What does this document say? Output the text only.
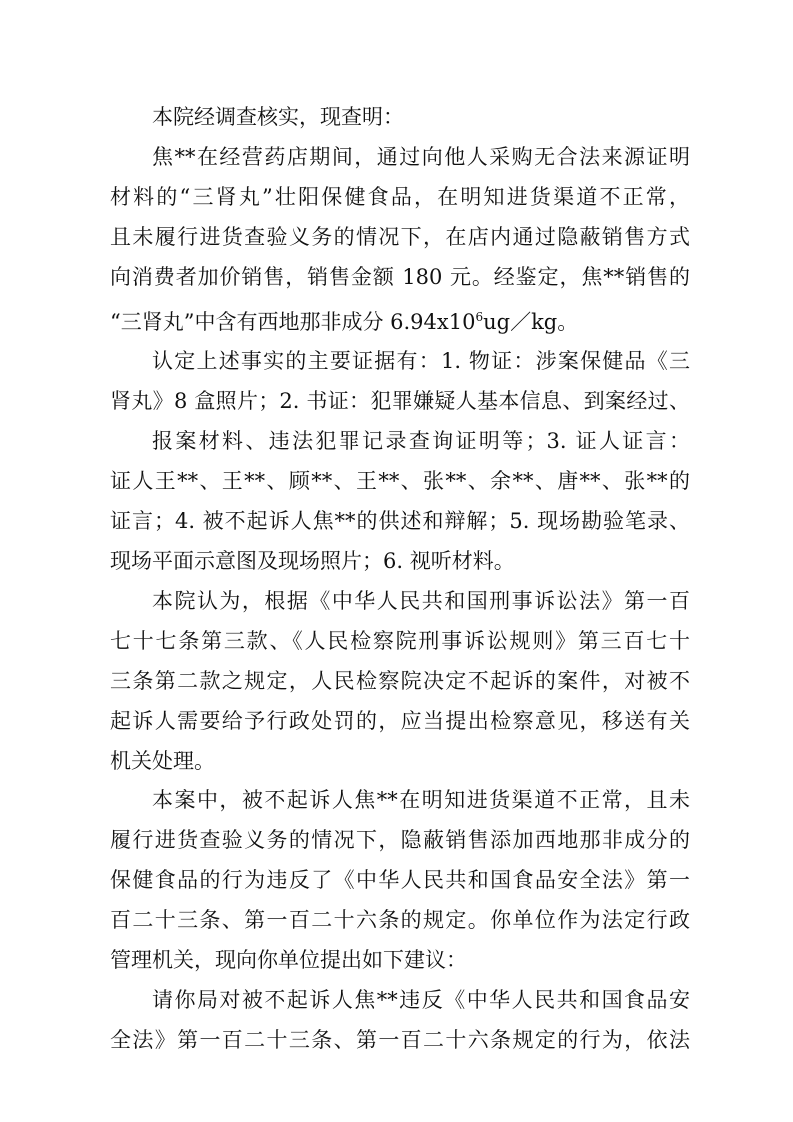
本院经调查核实，现查明：

焦**在经营药店期间，通过向他人采购无合法来源证明
材料的“三肾丸”壮阳保健食品，在明知进货渠道不正常，
且未履行进货查验义务的情况下，在店内通过隐蔽销售方式
向消费者加价销售，销售金额 180 元。经鉴定，焦**销售的
“三肾丸”中含有西地那非成分 $6.94x10^6ug/kg$。

认定上述事实的主要证据有：1. 物证：涉案保健品《三
肾丸》8 盒照片；2. 书证：犯罪嫌疑人基本信息、到案经过、
报案材料、违法犯罪记录查询证明等；3. 证人证言：
证人王**、王**、顾**、王**、张**、余**、唐**、张**的
证言；4. 被不起诉人焦**的供述和辩解；5. 现场勘验笔录、
现场平面示意图及现场照片；6. 视听材料。

本院认为，根据《中华人民共和国刑事诉讼法》第一百
七十七条第三款、《人民检察院刑事诉讼规则》第三百七十
三条第二款之规定，人民检察院决定不起诉的案件，对被不
起诉人需要给予行政处罚的，应当提出检察意见，移送有关
机关处理。

本案中，被不起诉人焦**在明知进货渠道不正常，且未
履行进货查验义务的情况下，隐蔽销售添加西地那非成分的
保健食品的行为违反了《中华人民共和国食品安全法》第一
百二十三条、第一百二十六条的规定。你单位作为法定行政
管理机关，现向你单位提出如下建议：

请你局对被不起诉人焦**违反《中华人民共和国食品安
全法》第一百二十三条、第一百二十六条规定的行为，依法
